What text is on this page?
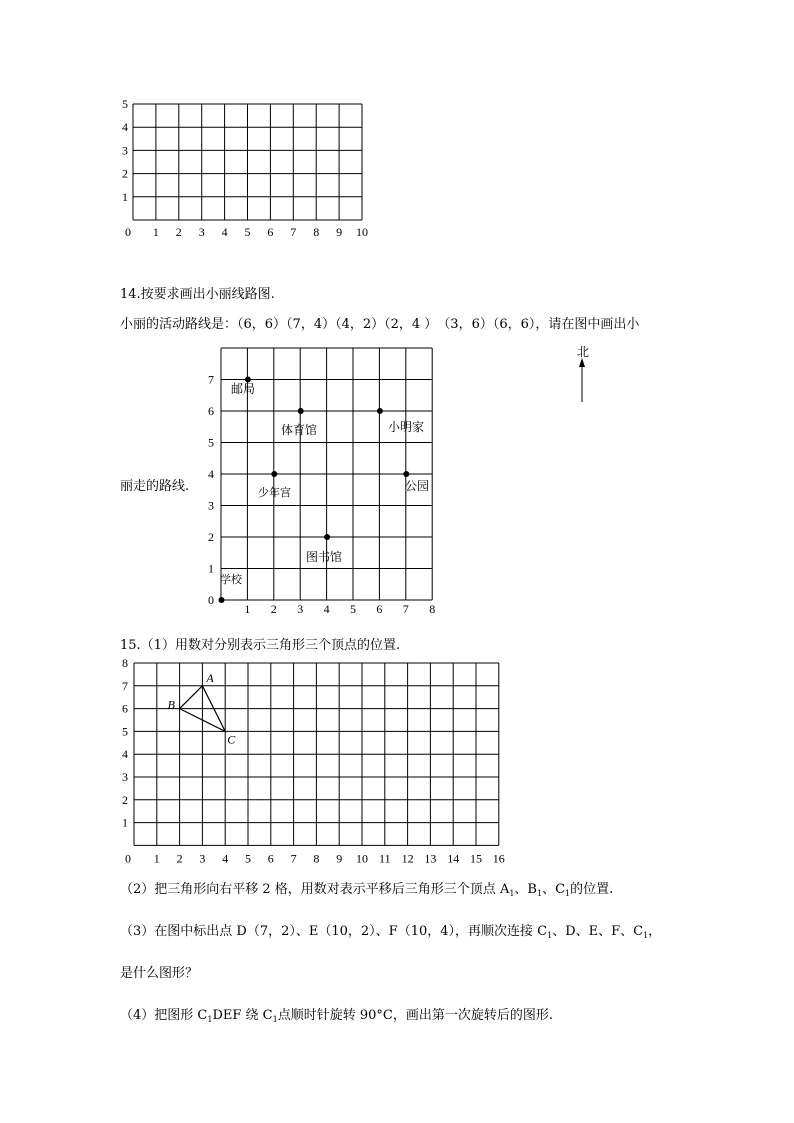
0 1 2 3 4 5 6 7 8 9 10
1
2
3
4
5
14.按要求画出小丽线路图.
小丽的活动路线是：（6，6）（7，4）（4，2）（2，4 ）　（3，6）（6，6），请在图中画出小
丽走的路线.
北
1 2 3 4 5 6 7 8
0
1
2
3
4
5
6
7
邮局
体育馆	小明家
少年宫	公园
图书馆
学校
15.（1）用数对分别表示三角形三个顶点的位置.
0 1 2 3 4 5 6 7 8 9 10 11 12 13 14 15 16
1
2
3
4
5
6
7
8
A
B
C
（2）把三角形向右平移 2 格，用数对表示平移后三角形三个顶点 $A_1$、$B_1$、$C_1$的位置.
（3）在图中标出点 D（7，2）、E（10，2）、F（10，4），再顺次连接 $C_1$、D、E、F、$C_1$，
是什么图形？
（4）把图形 $C_1DEF$ 绕 $C_1$点顺时针旋转 90°C，画出第一次旋转后的图形.
